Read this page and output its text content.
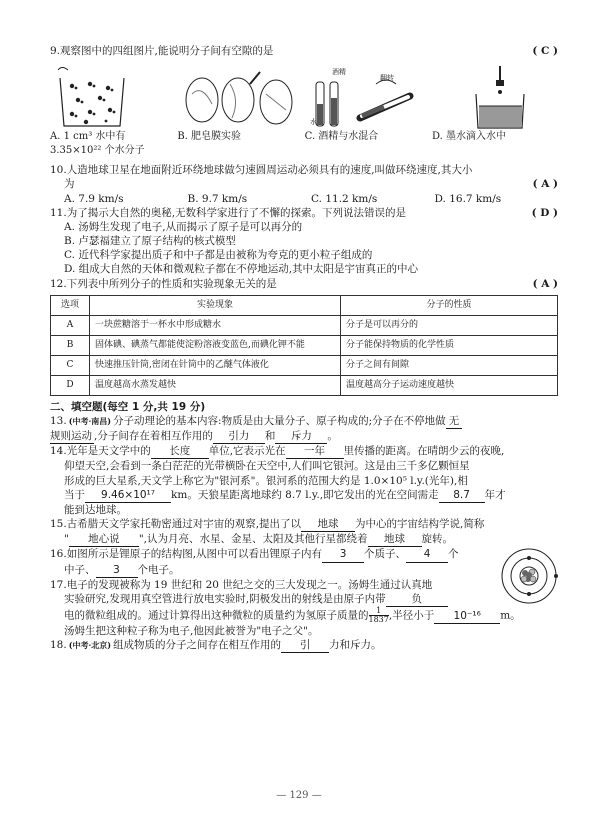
9.观察图中的四组图片,能说明分子间有空隙的是	( C )
酒精
水
翻转
A. 1 cm³ 水中有 3.35×10²² 个水分子
B. 肥皂膜实验	C. 酒精与水混合	D. 墨水滴入水中
10.人造地球卫星在地面附近环绕地球做匀速圆周运动必须具有的速度,叫做环绕速度,其大小
为	( A )
A. 7.9 km/s	B. 9.7 km/s	C. 11.2 km/s	D. 16.7 km/s
11.为了揭示大自然的奥秘,无数科学家进行了不懈的探索。下列说法错误的是	( D )
A. 汤姆生发现了电子,从而揭示了原子是可以再分的
B. 卢瑟福建立了原子结构的核式模型
C. 近代科学家提出质子和中子都是由被称为夸克的更小粒子组成的
D. 组成大自然的天体和微观粒子都在不停地运动,其中太阳是宇宙真正的中心
12.下列表中所列分子的性质和实验现象无关的是	( A )
选项	实验现象	分子的性质
A	一块蔗糖溶于一杯水中形成糖水	分子是可以再分的
B	固体碘、碘蒸气都能使淀粉溶液变蓝色,而碘化钾不能	分子能保持物质的化学性质
C	快速推压针筒,密闭在针筒中的乙醚气体液化	分子之间有间隙
D	温度越高水蒸发越快	温度越高分子运动速度越快
二、填空题(每空 1 分,共 19 分)
13. (中考·南昌) 分子动理论的基本内容:物质是由大量分子、原子构成的;分子在不停地做 无
规则运动 ,分子间存在着相互作用的 引力 和 斥力 。
14.光年是天文学中的 长度 单位,它表示光在 一年 里传播的距离。在晴朗少云的夜晚,
仰望天空,会看到一条白茫茫的光带横卧在天空中,人们叫它银河。这是由三千多亿颗恒星
形成的巨大星系,天文学上称它为"银河系"。银河系的范围大约是 1.0×10⁵ l.y.(光年),相
当于 9.46×10¹⁷ km。天狼星距离地球约 8.7 l.y.,即它发出的光在空间需走 8.7 年才
能到达地球。
15.古希腊天文学家托勒密通过对宇宙的观察,提出了以 地球 为中心的宇宙结构学说,简称
" 地心说 ",认为月亮、水星、金星、太阳及其他行星都绕着 地球 旋转。
16.如图所示是锂原子的结构图,从图中可以看出锂原子内有 3 个质子、 4 个
中子、 3 个电子。
17.电子的发现被称为 19 世纪和 20 世纪之交的三大发现之一。汤姆生通过认真地
实验研究,发现用真空管进行放电实验时,阴极发出的射线是由原子内带 负
电的微粒组成的。通过计算得出这种微粒的质量约为氢原子质量的 $\frac{1}{1837}$ ,半径小于 10⁻¹⁶ m。
汤姆生把这种粒子称为电子,他因此被誉为"电子之父"。
18. (中考·北京) 组成物质的分子之间存在相互作用的 引 力和斥力。
— 129 —
